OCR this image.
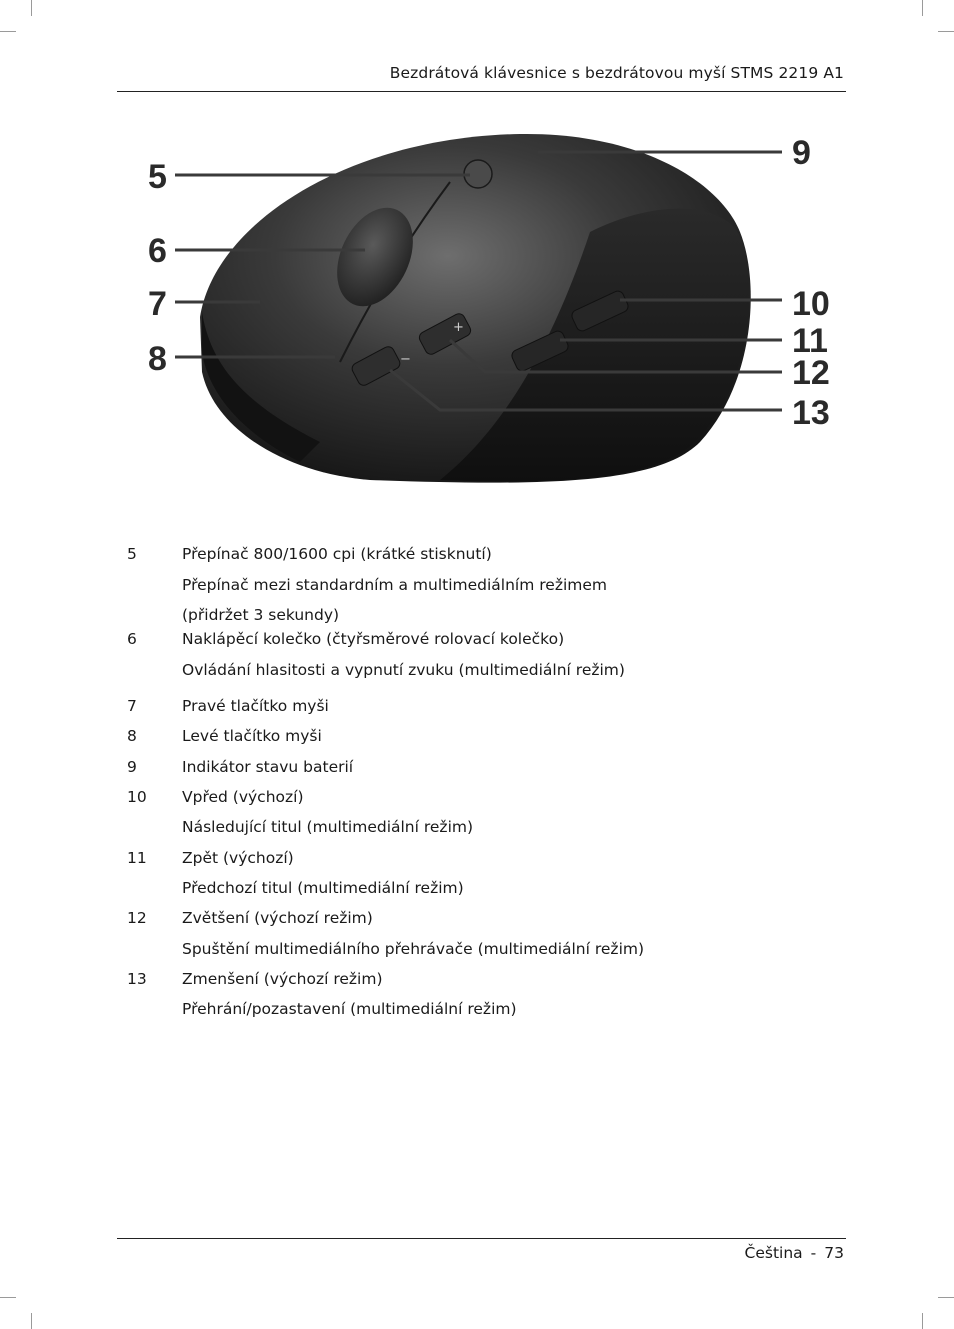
Bezdrátová klávesnice s bezdrátovou myší STMS 2219 A1
+
−
5
6
7
8
9
10
11
12
13
5	Přepínač 800/1600 cpi (krátké stisknutí)
Přepínač mezi standardním a multimediálním režimem
(přidržet 3 sekundy)
6	Naklápěcí kolečko (čtyřsměrové rolovací kolečko)
Ovládání hlasitosti a vypnutí zvuku (multimediální režim)
7	Pravé tlačítko myši
8	Levé tlačítko myši
9	Indikátor stavu baterií
10 Vpřed (výchozí)
Následující titul (multimediální režim)
11 Zpět (výchozí)
Předchozí titul (multimediální režim)
12 Zvětšení (výchozí režim)
Spuštění multimediálního přehrávače (multimediální režim)
13 Zmenšení (výchozí režim)
Přehrání/pozastavení (multimediální režim)
Čeština - 73
